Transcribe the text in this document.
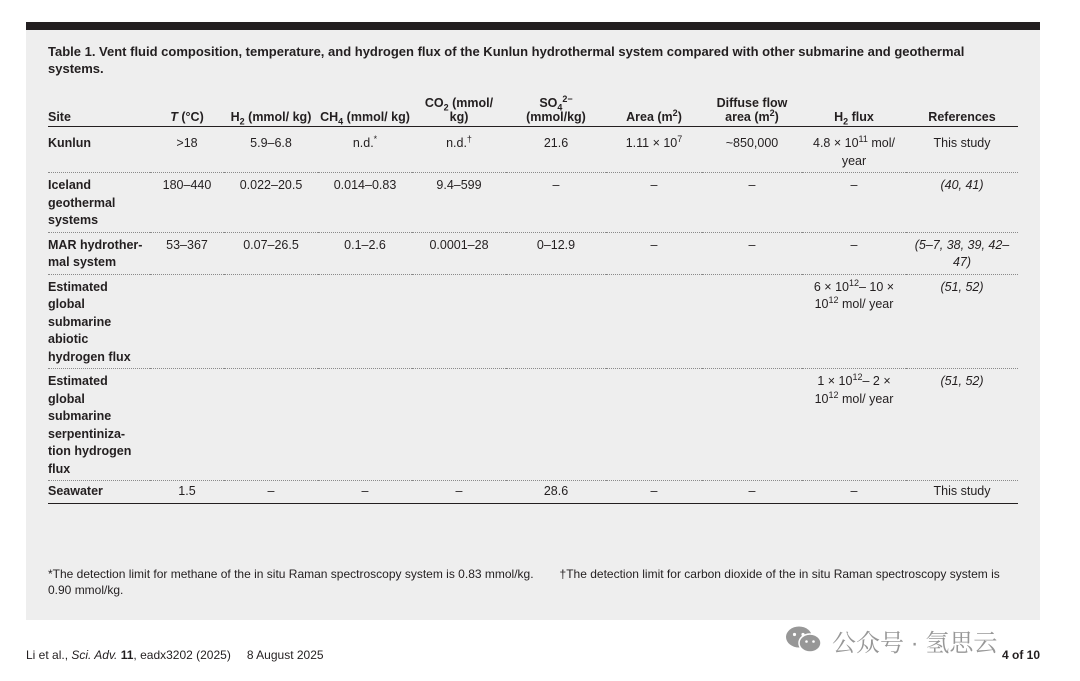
Table 1. Vent fluid composition, temperature, and hydrogen flux of the Kunlun hydrothermal system compared with other submarine and geothermal systems.
Site	T (°C)	$H_2$ (mmol/ kg)	$CH_4$ (mmol/ kg)	$CO_2$ (mmol/ kg)	$SO_4^{2-}$
(mmol/kg)	Area $(m^2)$	Diffuse flow area $(m^2)$	$H_2$ flux	References
Kunlun	>18	5.9–6.8	n.d.*	n.d.†	21.6	$1.11 \times 10^7$	~850,000	$4.8 \times 10^{11}$ mol/ year	This study
Iceland geothermal systems	180–440	0.022–20.5	0.014–0.83	9.4–599	–	–	–	–	(40, 41)
MAR hydrother- mal system	53–367	0.07–26.5	0.1–2.6	0.0001–28	0–12.9	–	–	–	(5–7, 38, 39, 42–47)
Estimated global submarine abiotic hydrogen flux								$6 \times 10^{12}-$ $10 \times 10^{12}$ mol/ year	(51, 52)
Estimated global submarine serpentiniza- tion hydrogen flux								$1 \times 10^{12}-$ $2 \times 10^{12}$ mol/ year	(51, 52)
Seawater	1.5	–	–	–	28.6	–	–	–	This study
*The detection limit for methane of the in situ Raman spectroscopy system is 0.83 mmol/kg. †The detection limit for carbon dioxide of the in situ Raman spectroscopy system is 0.90 mmol/kg.
Li et al., Sci. Adv. 11, eadx3202 (2025) 8 August 2025	4 of 10
公众号 · 氢思云
